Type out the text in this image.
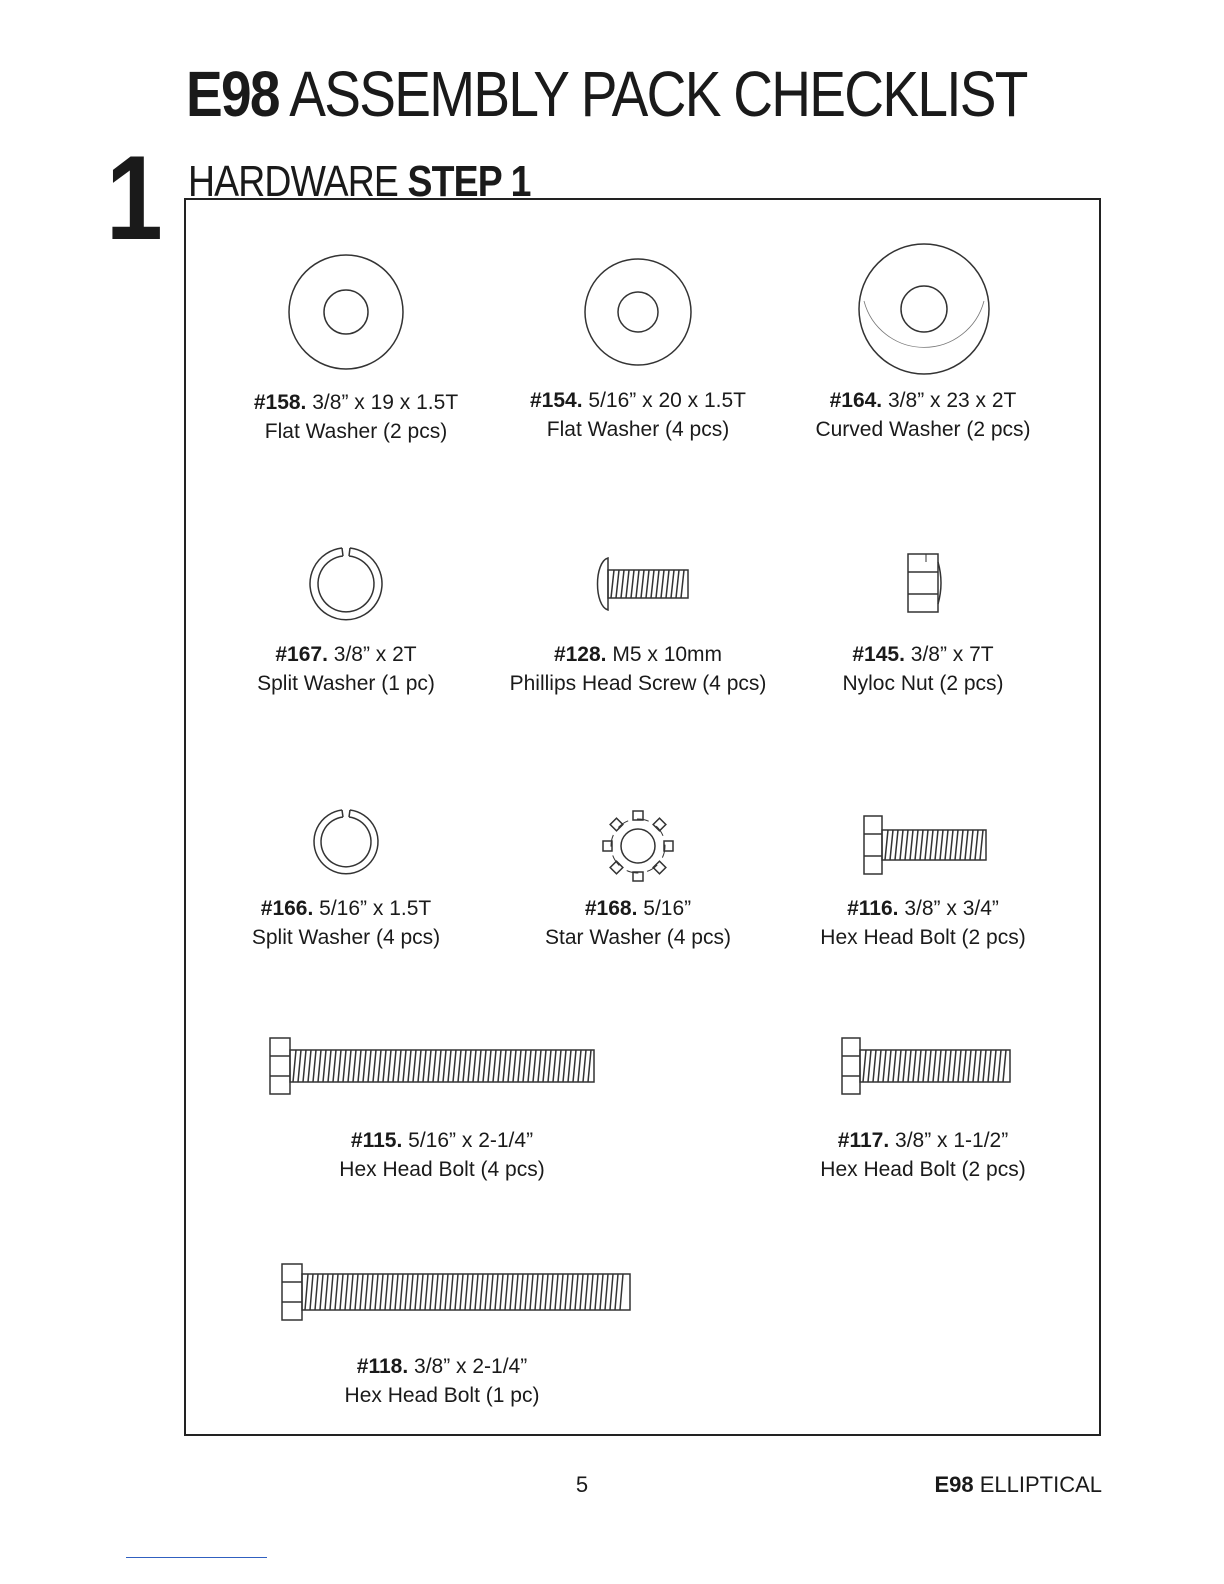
E98 ASSEMBLY PACK CHECKLIST
1 HARDWARE STEP 1
#158. 3/8” x 19 x 1.5T
Flat Washer (2 pcs)
#154. 5/16” x 20 x 1.5T
Flat Washer (4 pcs)
#164. 3/8” x 23 x 2T
Curved Washer (2 pcs)
#167. 3/8” x 2T
Split Washer (1 pc)
#128. M5 x 10mm
Phillips Head Screw (4 pcs)
#145. 3/8” x 7T
Nyloc Nut (2 pcs)
#166. 5/16” x 1.5T
Split Washer (4 pcs)
#168. 5/16”
Star Washer (4 pcs)
#116. 3/8” x 3/4”
Hex Head Bolt (2 pcs)
#115. 5/16” x 2-1/4”
Hex Head Bolt (4 pcs)
#117. 3/8” x 1-1/2”
Hex Head Bolt (2 pcs)
#118. 3/8” x 2-1/4”
Hex Head Bolt (1 pc)
5	E98 ELLIPTICAL
